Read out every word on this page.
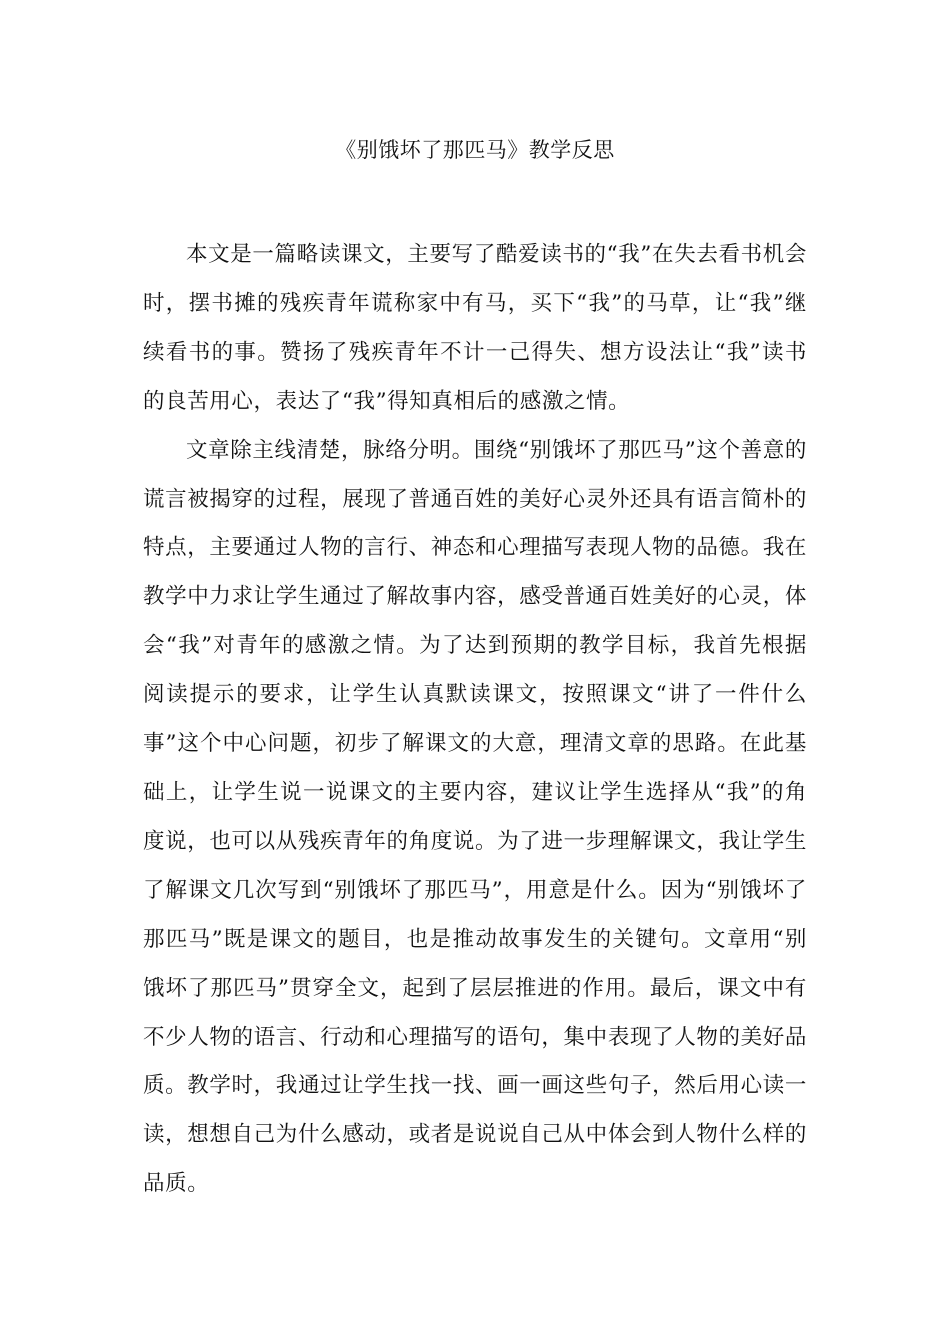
《别饿坏了那匹马》教学反思

本文是一篇略读课文，主要写了酷爱读书的“我”在失去看书机会时，摆书摊的残疾青年谎称家中有马，买下“我”的马草，让“我”继续看书的事。赞扬了残疾青年不计一己得失、想方设法让“我”读书的良苦用心，表达了“我”得知真相后的感激之情。

文章除主线清楚，脉络分明。围绕“别饿坏了那匹马”这个善意的谎言被揭穿的过程，展现了普通百姓的美好心灵外还具有语言简朴的特点，主要通过人物的言行、神态和心理描写表现人物的品德。我在教学中力求让学生通过了解故事内容，感受普通百姓美好的心灵，体会“我”对青年的感激之情。为了达到预期的教学目标，我首先根据阅读提示的要求，让学生认真默读课文，按照课文“讲了一件什么事”这个中心问题，初步了解课文的大意，理清文章的思路。在此基础上，让学生说一说课文的主要内容，建议让学生选择从“我”的角度说，也可以从残疾青年的角度说。为了进一步理解课文，我让学生了解课文几次写到“别饿坏了那匹马”，用意是什么。因为“别饿坏了那匹马”既是课文的题目，也是推动故事发生的关键句。文章用“别饿坏了那匹马”贯穿全文，起到了层层推进的作用。最后，课文中有不少人物的语言、行动和心理描写的语句，集中表现了人物的美好品质。教学时，我通过让学生找一找、画一画这些句子，然后用心读一读，想想自己为什么感动，或者是说说自己从中体会到人物什么样的品质。
